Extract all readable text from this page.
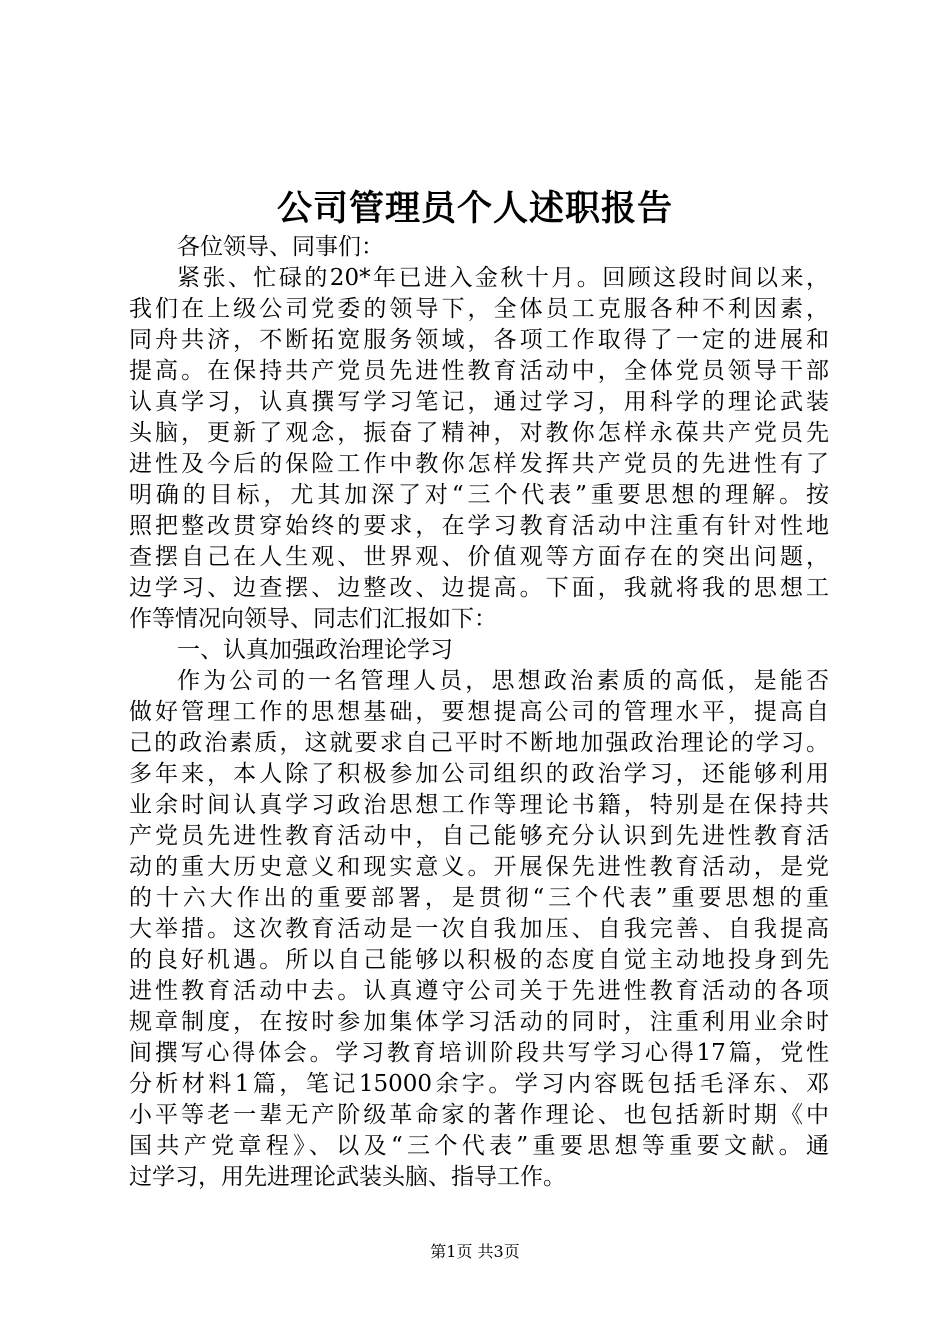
公司管理员个人述职报告
各位领导、同事们：
紧张、忙碌的20*年已进入金秋十月。回顾这段时间以来，
我们在上级公司党委的领导下，全体员工克服各种不利因素，
同舟共济，不断拓宽服务领域，各项工作取得了一定的进展和
提高。在保持共产党员先进性教育活动中，全体党员领导干部
认真学习，认真撰写学习笔记，通过学习，用科学的理论武装
头脑，更新了观念，振奋了精神，对教你怎样永葆共产党员先
进性及今后的保险工作中教你怎样发挥共产党员的先进性有了
明确的目标，尤其加深了对“三个代表”重要思想的理解。按
照把整改贯穿始终的要求，在学习教育活动中注重有针对性地
查摆自己在人生观、世界观、价值观等方面存在的突出问题，
边学习、边查摆、边整改、边提高。下面，我就将我的思想工
作等情况向领导、同志们汇报如下：
一、认真加强政治理论学习
作为公司的一名管理人员，思想政治素质的高低，是能否
做好管理工作的思想基础，要想提高公司的管理水平，提高自
己的政治素质，这就要求自己平时不断地加强政治理论的学习。
多年来，本人除了积极参加公司组织的政治学习，还能够利用
业余时间认真学习政治思想工作等理论书籍，特别是在保持共
产党员先进性教育活动中，自己能够充分认识到先进性教育活
动的重大历史意义和现实意义。开展保先进性教育活动，是党
的十六大作出的重要部署，是贯彻“三个代表”重要思想的重
大举措。这次教育活动是一次自我加压、自我完善、自我提高
的良好机遇。所以自己能够以积极的态度自觉主动地投身到先
进性教育活动中去。认真遵守公司关于先进性教育活动的各项
规章制度，在按时参加集体学习活动的同时，注重利用业余时
间撰写心得体会。学习教育培训阶段共写学习心得17篇，党性
分析材料1篇，笔记15000余字。学习内容既包括毛泽东、邓
小平等老一辈无产阶级革命家的著作理论、也包括新时期《中
国共产党章程》、以及“三个代表”重要思想等重要文献。通
过学习，用先进理论武装头脑、指导工作。
第1页 共3页
